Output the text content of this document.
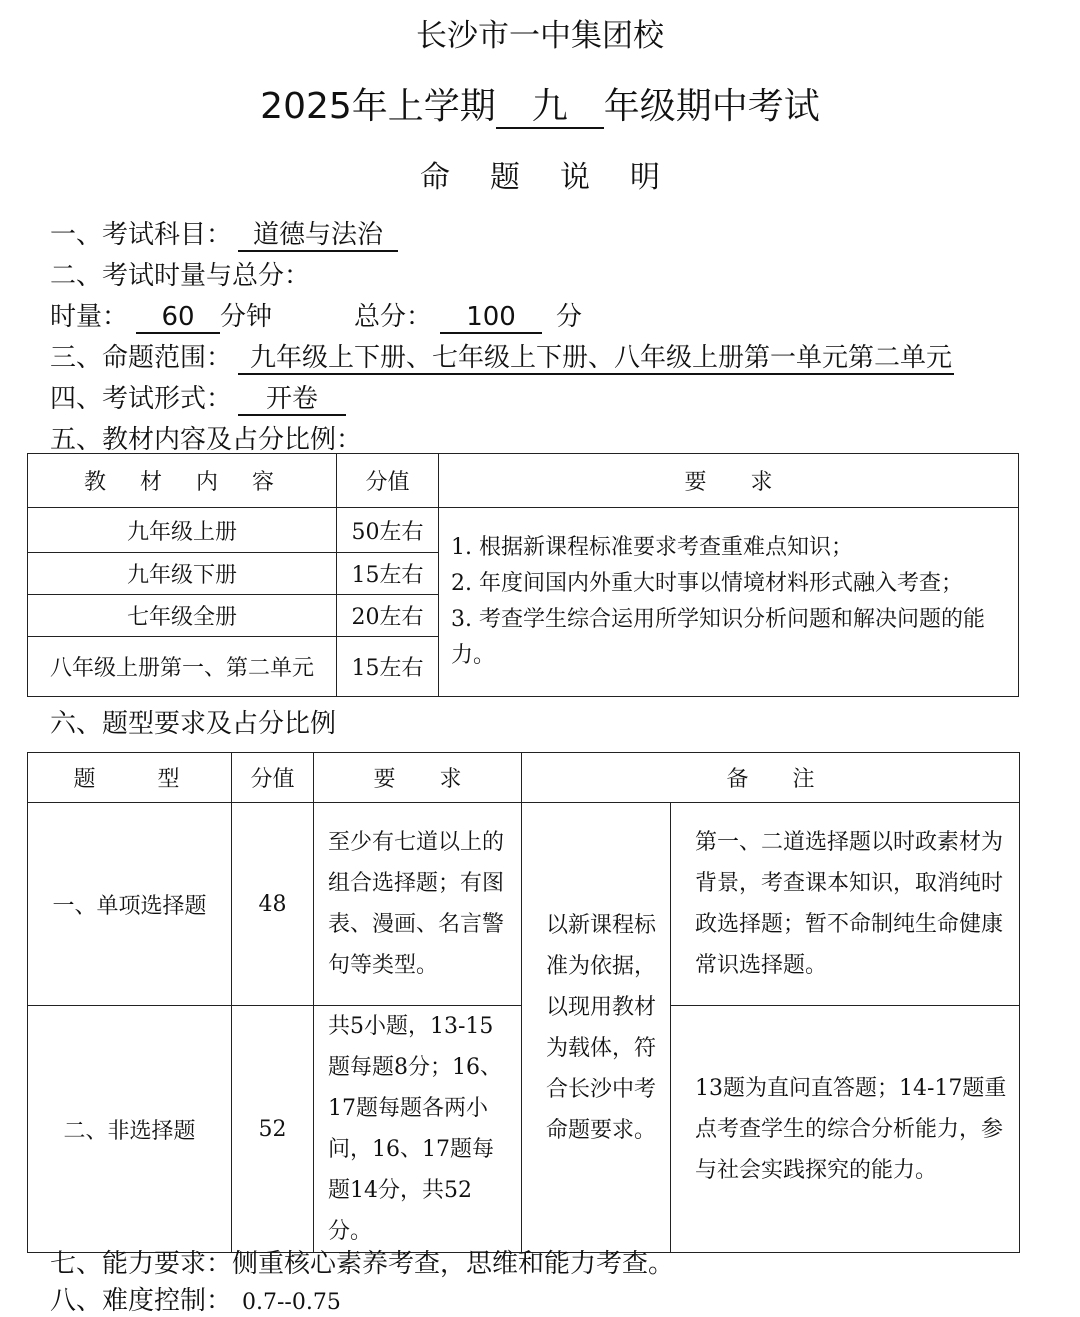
长沙市一中集团校
2025年上学期 九 年级期中考试
命题说明
一、考试科目： 道德与法治
二、考试时量与总分：
时量： 60 分钟	总分： 100 分
三、命题范围： 九年级上下册、七年级上下册、八年级上册第一单元第二单元
四、考试形式： 开卷
五、教材内容及占分比例：
教　材　内　容	分值	要　　求
九年级上册	50左右	1. 根据新课程标准要求考查重难点知识；
2. 年度间国内外重大时事以情境材料形式融入考查；
3. 考查学生综合运用所学知识分析问题和解决问题的能力。

九年级下册	15左右	
七年级全册	20左右	
八年级上册第一、第二单元	15左右	
六、题型要求及占分比例
题　　型	分值	要　　求	备　　注	
一、单项选择题	48	至少有七道以上的组合选择题；有图表、漫画、名言警句等类型。	以新课程标准为依据，以现用教材为载体，符合长沙中考命题要求。	第一、二道选择题以时政素材为背景，考查课本知识，取消纯时政选择题；暂不命制纯生命健康常识选择题。
二、非选择题	52	共5小题，13-15题每题8分；16、17题每题各两小问，16、17题每题14分，共52分。		13题为直问直答题；14-17题重点考查学生的综合分析能力，参与社会实践探究的能力。
七、能力要求：侧重核心素养考查，思维和能力考查。
八、难度控制： 0.7--0.75
